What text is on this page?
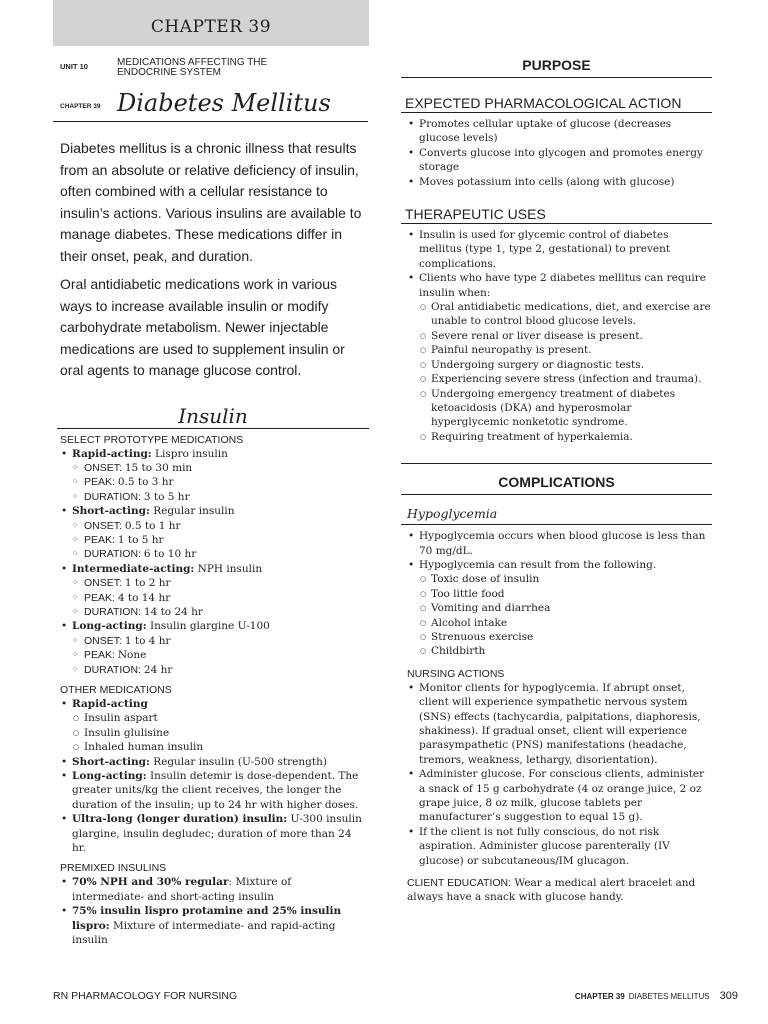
CHAPTER 39
UNIT 10	MEDICATIONS AFFECTING THE
ENDOCRINE SYSTEM
CHAPTER 39 Diabetes Mellitus

Diabetes mellitus is a chronic illness that results from an absolute or relative deficiency of insulin, often combined with a cellular resistance to insulin’s actions. Various insulins are available to manage diabetes. These medications differ in their onset, peak, and duration.

Oral antidiabetic medications work in various ways to increase available insulin or modify carbohydrate metabolism. Newer injectable medications are used to supplement insulin or oral agents to manage glucose control.

Insulin
SELECT PROTOTYPE MEDICATIONS
• Rapid-acting: Lispro insulin
○ ONSET: 15 to 30 min
○ PEAK: 0.5 to 3 hr
○ DURATION: 3 to 5 hr
• Short-acting: Regular insulin
○ ONSET: 0.5 to 1 hr
○ PEAK: 1 to 5 hr
○ DURATION: 6 to 10 hr
• Intermediate-acting: NPH insulin
○ ONSET: 1 to 2 hr
○ PEAK: 4 to 14 hr
○ DURATION: 14 to 24 hr
• Long-acting: Insulin glargine U-100
○ ONSET: 1 to 4 hr
○ PEAK: None
○ DURATION: 24 hr
OTHER MEDICATIONS
• Rapid-acting
○ Insulin aspart
○ Insulin glulisine
○ Inhaled human insulin
• Short-acting: Regular insulin (U-500 strength)
• Long-acting: Insulin detemir is dose-dependent. The greater units/kg the client receives, the longer the duration of the insulin; up to 24 hr with higher doses.
• Ultra-long (longer duration) insulin: U-300 insulin glargine, insulin degludec; duration of more than 24 hr.
PREMIXED INSULINS
• 70% NPH and 30% regular: Mixture of intermediate- and short-acting insulin
• 75% insulin lispro protamine and 25% insulin lispro: Mixture of intermediate- and rapid-acting insulin
PURPOSE
EXPECTED PHARMACOLOGICAL ACTION
• Promotes cellular uptake of glucose (decreases glucose levels)
• Converts glucose into glycogen and promotes energy storage
• Moves potassium into cells (along with glucose)
THERAPEUTIC USES
• Insulin is used for glycemic control of diabetes mellitus (type 1, type 2, gestational) to prevent complications.
• Clients who have type 2 diabetes mellitus can require insulin when:
○ Oral antidiabetic medications, diet, and exercise are unable to control blood glucose levels.
○ Severe renal or liver disease is present.
○ Painful neuropathy is present.
○ Undergoing surgery or diagnostic tests.
○ Experiencing severe stress (infection and trauma).
○ Undergoing emergency treatment of diabetes ketoacidosis (DKA) and hyperosmolar hyperglycemic nonketotic syndrome.
○ Requiring treatment of hyperkalemia.
COMPLICATIONS
Hypoglycemia
• Hypoglycemia occurs when blood glucose is less than 70 mg/dL.
• Hypoglycemia can result from the following.
○ Toxic dose of insulin
○ Too little food
○ Vomiting and diarrhea
○ Alcohol intake
○ Strenuous exercise
○ Childbirth
NURSING ACTIONS
• Monitor clients for hypoglycemia. If abrupt onset, client will experience sympathetic nervous system (SNS) effects (tachycardia, palpitations, diaphoresis, shakiness). If gradual onset, client will experience parasympathetic (PNS) manifestations (headache, tremors, weakness, lethargy, disorientation).
• Administer glucose. For conscious clients, administer a snack of 15 g carbohydrate (4 oz orange juice, 2 oz grape juice, 8 oz milk, glucose tablets per manufacturer’s suggestion to equal 15 g).
• If the client is not fully conscious, do not risk aspiration. Administer glucose parenterally (IV glucose) or subcutaneous/IM glucagon.
CLIENT EDUCATION: Wear a medical alert bracelet and always have a snack with glucose handy.
RN PHARMACOLOGY FOR NURSING	CHAPTER 39 DIABETES MELLITUS 309
